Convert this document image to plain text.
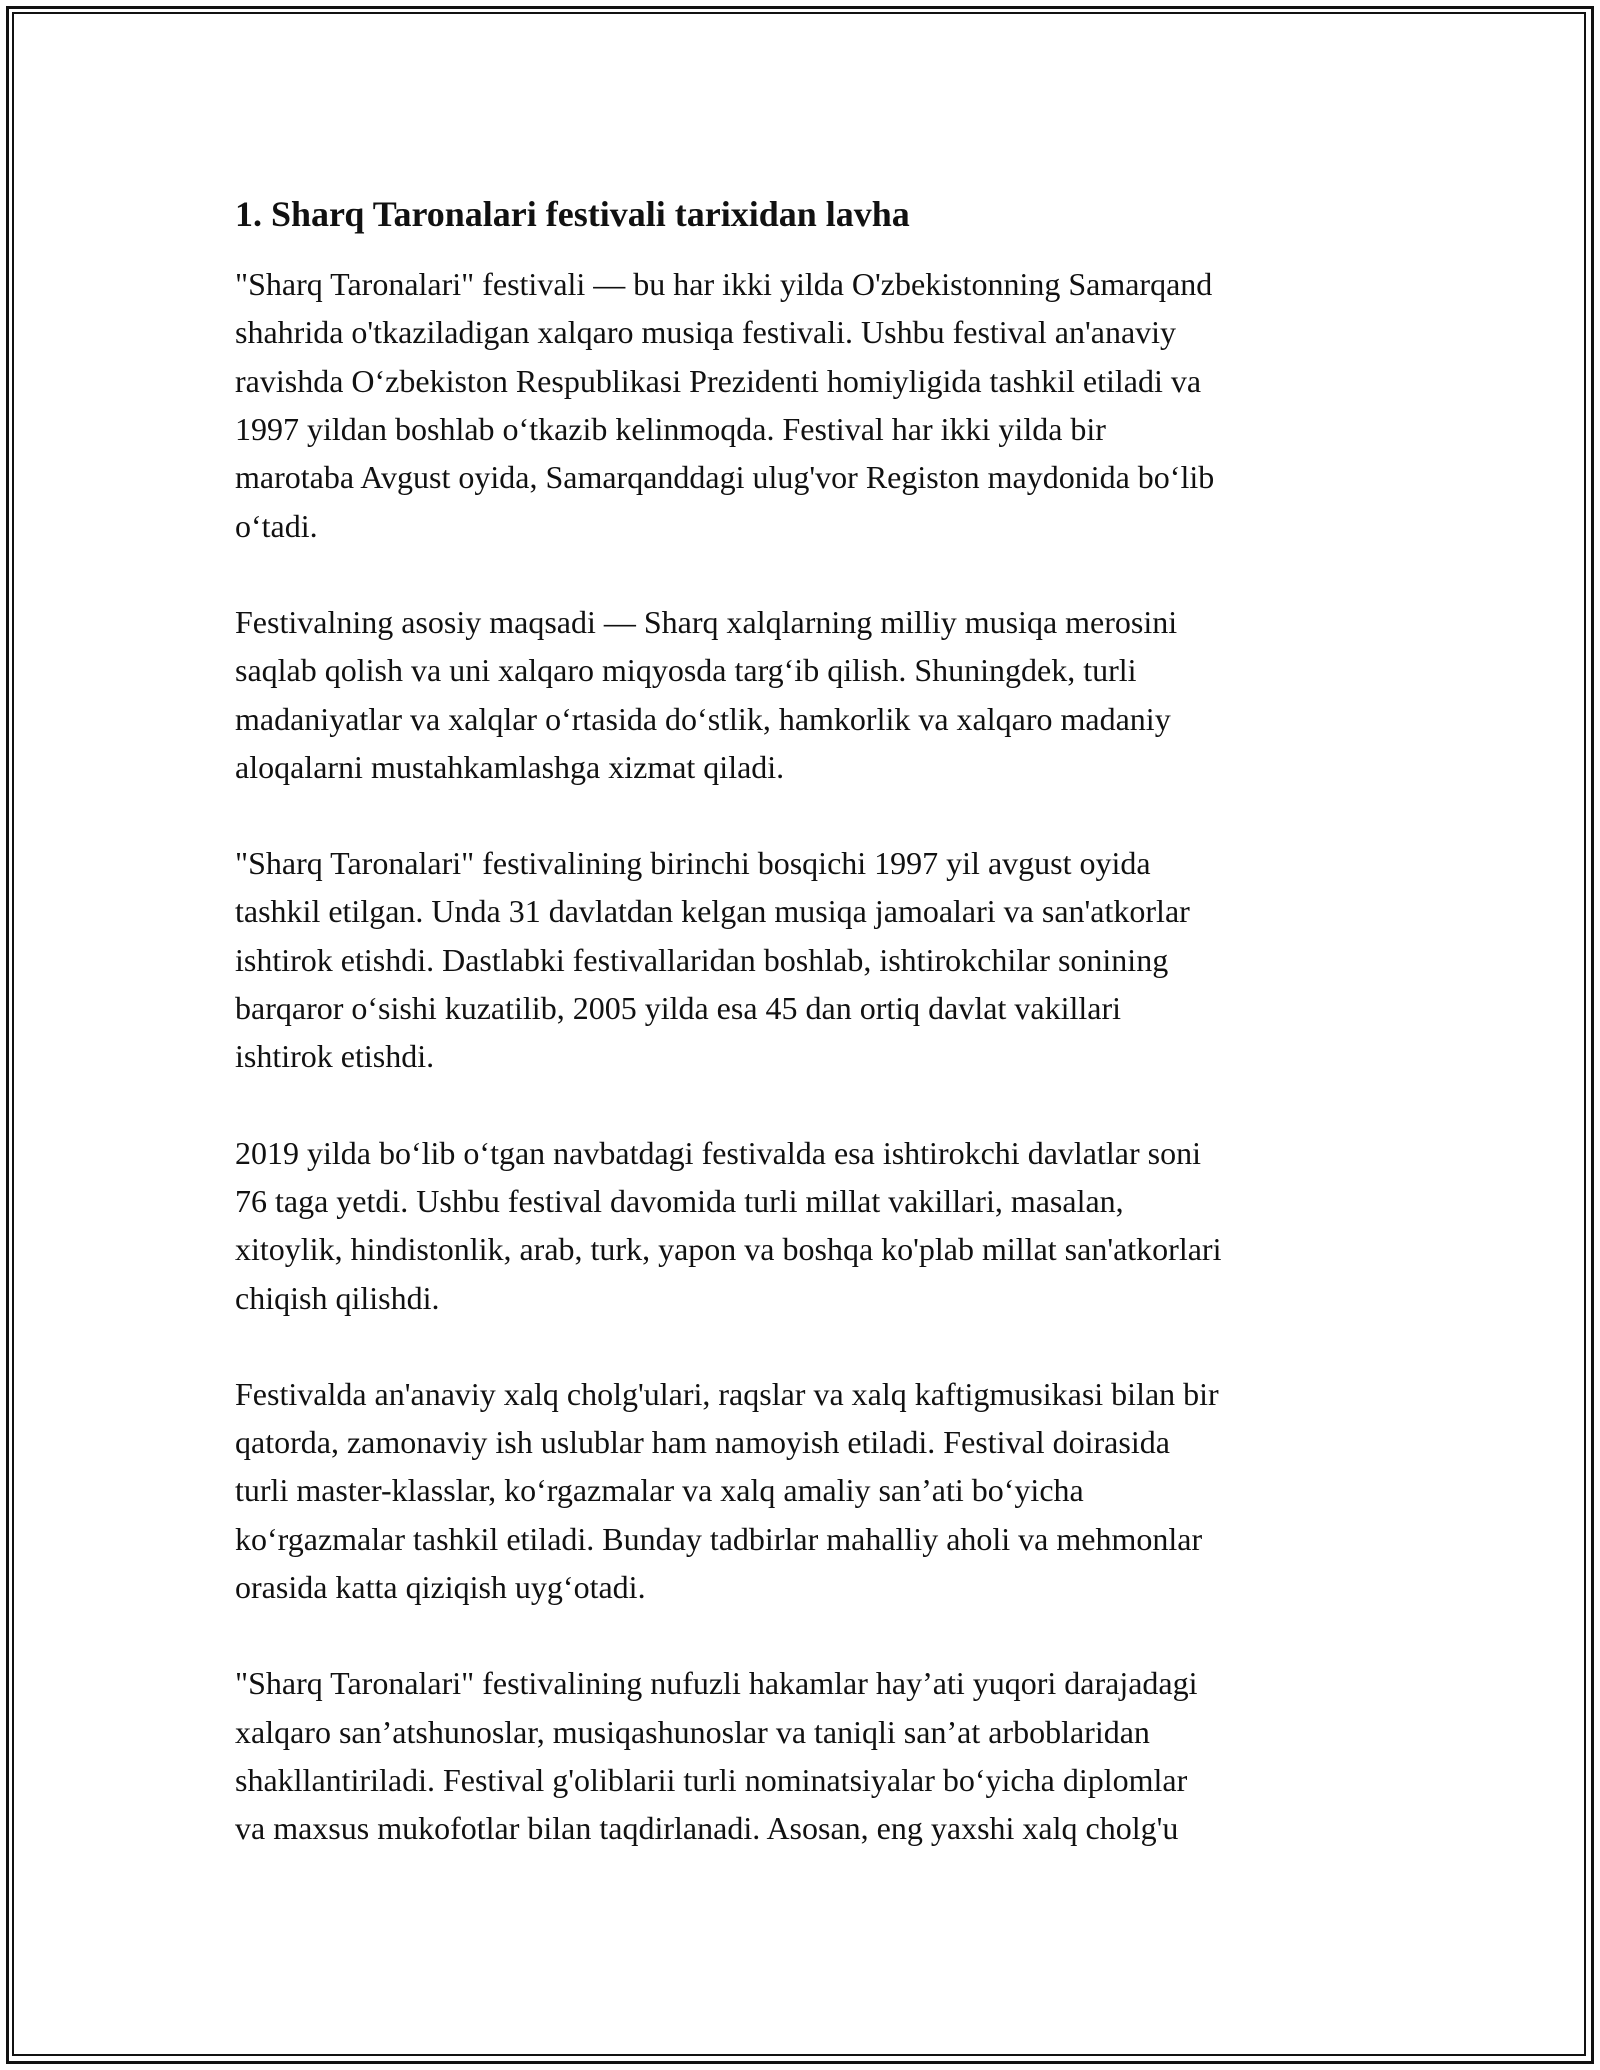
1. Sharq Taronalari festivali tarixidan lavha

"Sharq Taronalari" festivali — bu har ikki yilda O'zbekistonning Samarqand
shahrida o'tkaziladigan xalqaro musiqa festivali. Ushbu festival an'anaviy
ravishda O‘zbekiston Respublikasi Prezidenti homiyligida tashkil etiladi va
1997 yildan boshlab o‘tkazib kelinmoqda. Festival har ikki yilda bir
marotaba Avgust oyida, Samarqanddagi ulug'vor Registon maydonida bo‘lib
o‘tadi.

Festivalning asosiy maqsadi — Sharq xalqlarning milliy musiqa merosini
saqlab qolish va uni xalqaro miqyosda targ‘ib qilish. Shuningdek, turli
madaniyatlar va xalqlar o‘rtasida do‘stlik, hamkorlik va xalqaro madaniy
aloqalarni mustahkamlashga xizmat qiladi.

"Sharq Taronalari" festivalining birinchi bosqichi 1997 yil avgust oyida
tashkil etilgan. Unda 31 davlatdan kelgan musiqa jamoalari va san'atkorlar
ishtirok etishdi. Dastlabki festivallaridan boshlab, ishtirokchilar sonining
barqaror o‘sishi kuzatilib, 2005 yilda esa 45 dan ortiq davlat vakillari
ishtirok etishdi.

2019 yilda bo‘lib o‘tgan navbatdagi festivalda esa ishtirokchi davlatlar soni
76 taga yetdi. Ushbu festival davomida turli millat vakillari, masalan,
xitoylik, hindistonlik, arab, turk, yapon va boshqa ko'plab millat san'atkorlari
chiqish qilishdi.

Festivalda an'anaviy xalq cholg'ulari, raqslar va xalq kaftigmusikasi bilan bir
qatorda, zamonaviy ish uslublar ham namoyish etiladi. Festival doirasida
turli master-klasslar, ko‘rgazmalar va xalq amaliy san’ati bo‘yicha
ko‘rgazmalar tashkil etiladi. Bunday tadbirlar mahalliy aholi va mehmonlar
orasida katta qiziqish uyg‘otadi.

"Sharq Taronalari" festivalining nufuzli hakamlar hay’ati yuqori darajadagi
xalqaro san’atshunoslar, musiqashunoslar va taniqli san’at arboblaridan
shakllantiriladi. Festival g'oliblarii turli nominatsiyalar bo‘yicha diplomlar
va maxsus mukofotlar bilan taqdirlanadi. Asosan, eng yaxshi xalq cholg'u
